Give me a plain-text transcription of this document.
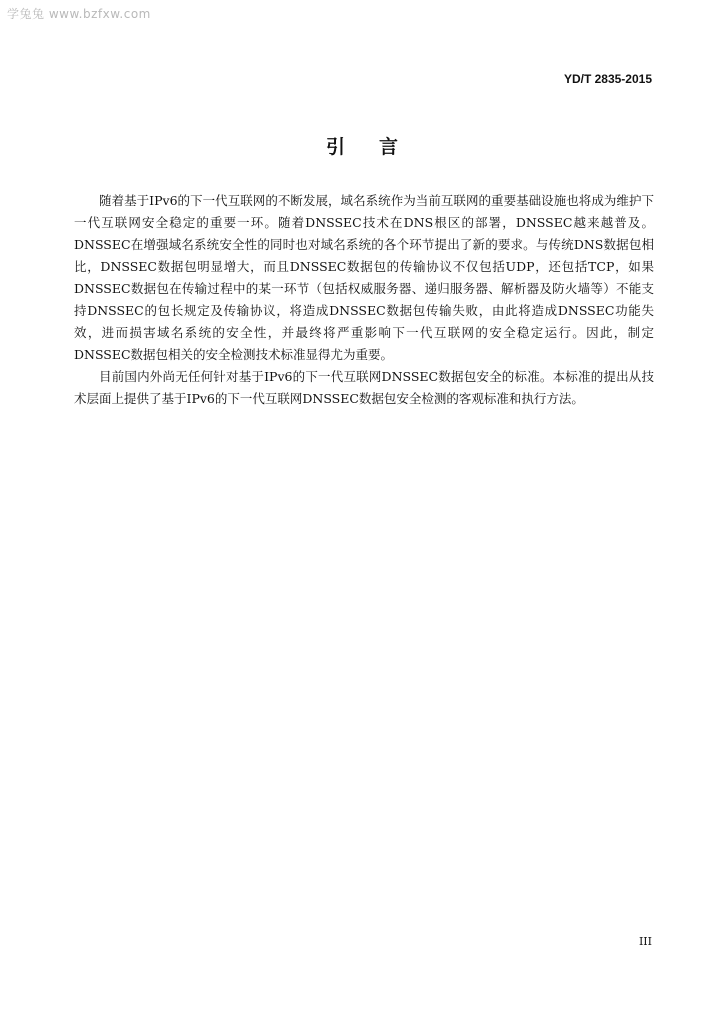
学兔兔 www.bzfxw.com
YD/T 2835-2015
引言

随着基于IPv6的下一代互联网的不断发展，域名系统作为当前互联网的重要基础设施也将成为维护下一代互联网安全稳定的重要一环。随着DNSSEC技术在DNS根区的部署，DNSSEC越来越普及。DNSSEC在增强域名系统安全性的同时也对域名系统的各个环节提出了新的要求。与传统DNS数据包相比，DNSSEC数据包明显增大，而且DNSSEC数据包的传输协议不仅包括UDP，还包括TCP，如果DNSSEC数据包在传输过程中的某一环节（包括权威服务器、递归服务器、解析器及防火墙等）不能支持DNSSEC的包长规定及传输协议，将造成DNSSEC数据包传输失败，由此将造成DNSSEC功能失效，进而损害域名系统的安全性，并最终将严重影响下一代互联网的安全稳定运行。因此，制定DNSSEC数据包相关的安全检测技术标准显得尤为重要。

目前国内外尚无任何针对基于IPv6的下一代互联网DNSSEC数据包安全的标准。本标准的提出从技术层面上提供了基于IPv6的下一代互联网DNSSEC数据包安全检测的客观标准和执行方法。

III
